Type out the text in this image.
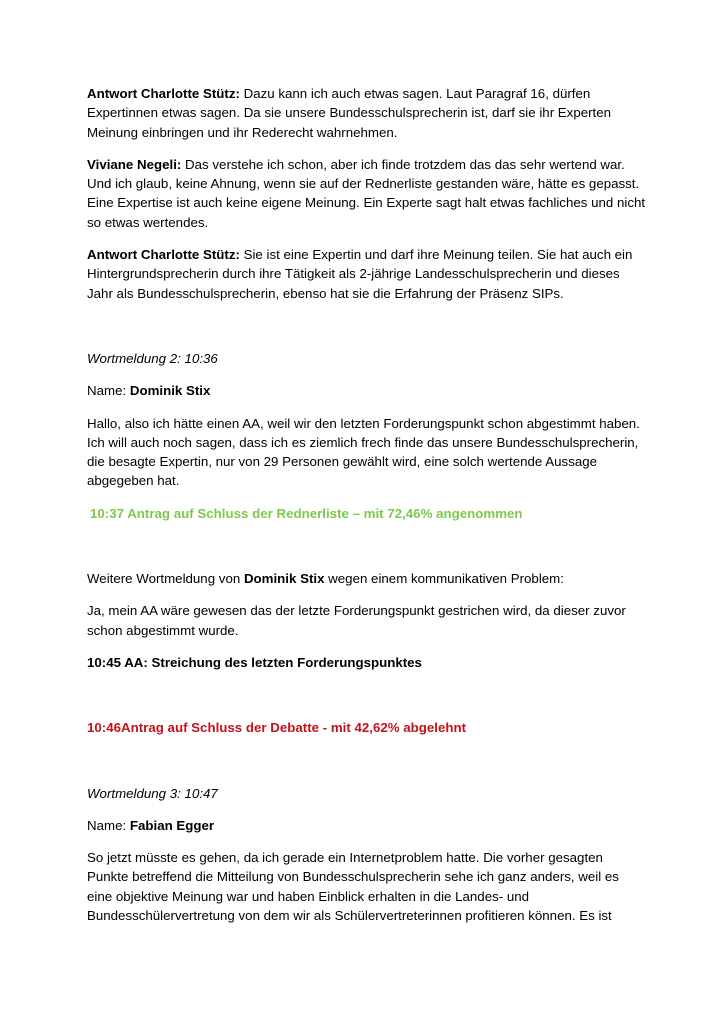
Antwort Charlotte Stütz: Dazu kann ich auch etwas sagen. Laut Paragraf 16, dürfen Expertinnen etwas sagen. Da sie unsere Bundesschulsprecherin ist, darf sie ihr Experten Meinung einbringen und ihr Rederecht wahrnehmen.

Viviane Negeli: Das verstehe ich schon, aber ich finde trotzdem das das sehr wertend war. Und ich glaub, keine Ahnung, wenn sie auf der Rednerliste gestanden wäre, hätte es gepasst. Eine Expertise ist auch keine eigene Meinung. Ein Experte sagt halt etwas fachliches und nicht so etwas wertendes.

Antwort Charlotte Stütz: Sie ist eine Expertin und darf ihre Meinung teilen. Sie hat auch ein Hintergrundsprecherin durch ihre Tätigkeit als 2-jährige Landesschulsprecherin und dieses Jahr als Bundesschulsprecherin, ebenso hat sie die Erfahrung der Präsenz SIPs.

Wortmeldung 2: 10:36

Name: Dominik Stix

Hallo, also ich hätte einen AA, weil wir den letzten Forderungspunkt schon abgestimmt haben. Ich will auch noch sagen, dass ich es ziemlich frech finde das unsere Bundesschulsprecherin, die besagte Expertin, nur von 29 Personen gewählt wird, eine solch wertende Aussage abgegeben hat.

10:37 Antrag auf Schluss der Rednerliste – mit 72,46% angenommen

Weitere Wortmeldung von Dominik Stix wegen einem kommunikativen Problem:

Ja, mein AA wäre gewesen das der letzte Forderungspunkt gestrichen wird, da dieser zuvor schon abgestimmt wurde.

10:45 AA: Streichung des letzten Forderungspunktes

10:46Antrag auf Schluss der Debatte - mit 42,62% abgelehnt

Wortmeldung 3: 10:47

Name: Fabian Egger

So jetzt müsste es gehen, da ich gerade ein Internetproblem hatte. Die vorher gesagten Punkte betreffend die Mitteilung von Bundesschulsprecherin sehe ich ganz anders, weil es eine objektive Meinung war und haben Einblick erhalten in die Landes- und Bundesschülervertretung von dem wir als Schülervertreterinnen profitieren können. Es ist
